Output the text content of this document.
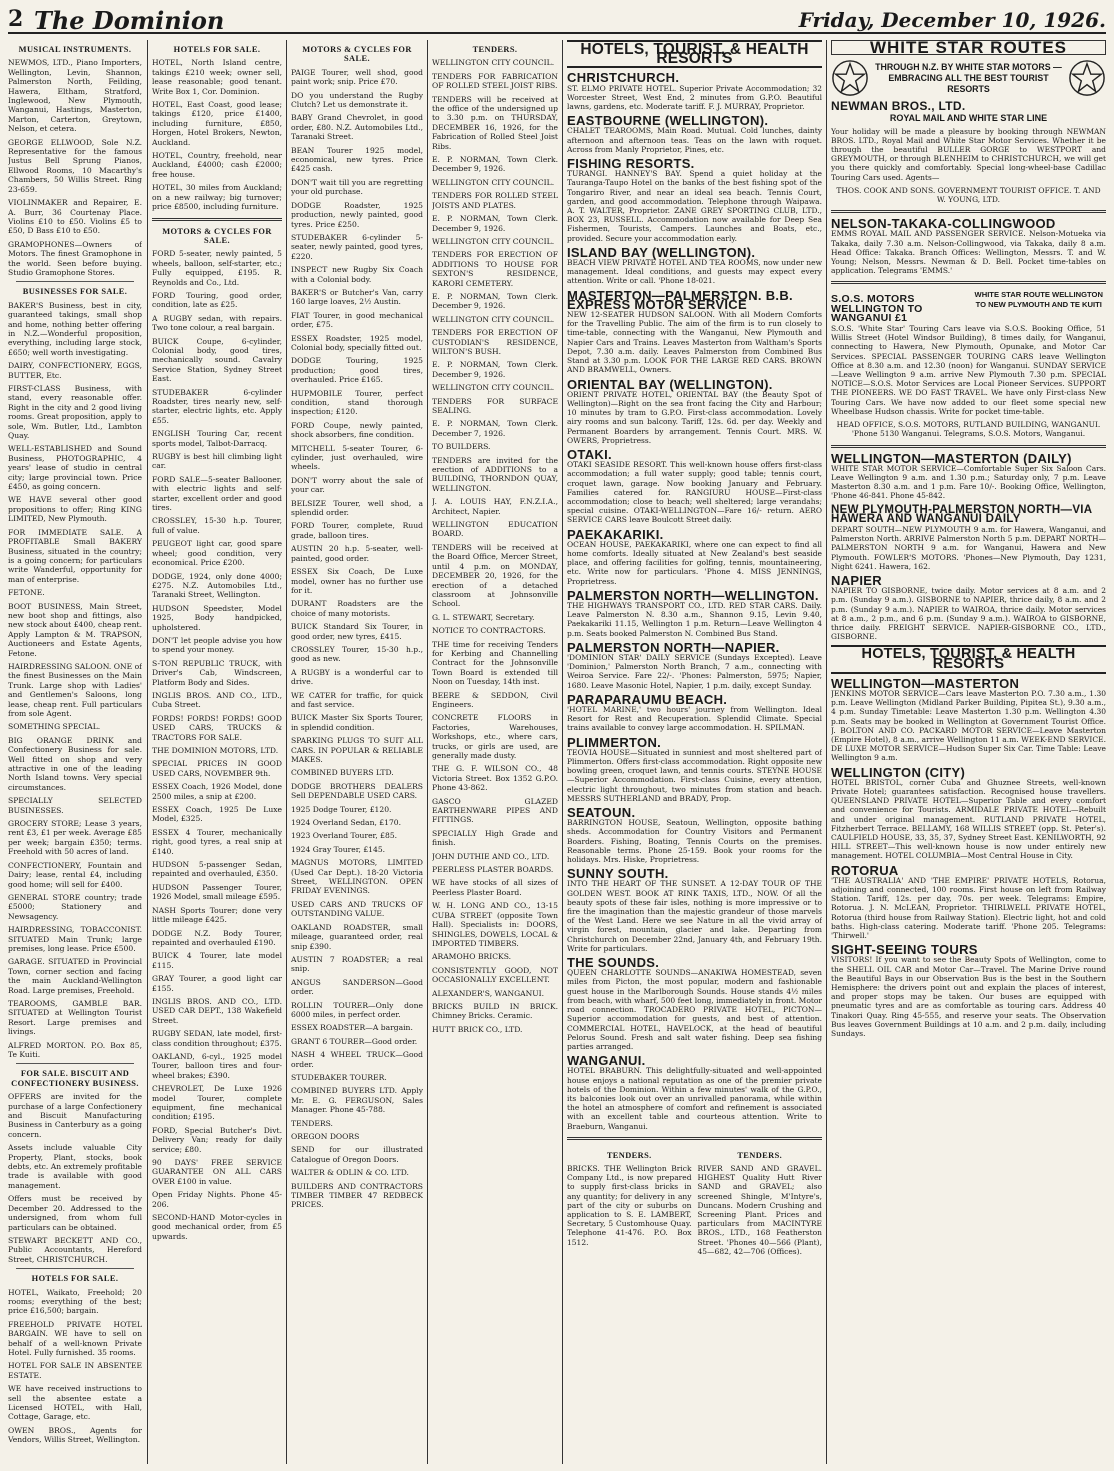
2 The Dominion	Friday, December 10, 1926.
MUSICAL INSTRUMENTS.
NEWMOS, LTD., Piano Importers, Wellington, Levin, Shannon, Palmerston North, Feilding, Hawera, Eltham, Stratford, Inglewood, New Plymouth, Wanganui, Hastings, Masterton, Marton, Carterton, Greytown, Nelson, et cetera.
GEORGE ELLWOOD, Sole N.Z. Representative for the famous Justus Bell Sprung Pianos, Ellwood Rooms, 10 Macarthy's Chambers, 50 Willis Street. Ring 23-659.
VIOLINMAKER and Repairer, E. A. Burr, 36 Courtenay Place. Violins £10 to £50. Violins £5 to £50, D Bass £10 to £50.
GRAMOPHONES—Owners of Motors. The finest Gramophone in the world. Seen before buying. Studio Gramophone Stores.
BUSINESSES FOR SALE.
BAKER'S Business, best in city, guaranteed takings, small shop and home, nothing better offering in N.Z.—Wonderful proposition, everything, including large stock, £650; well worth investigating.
DAIRY, CONFECTIONERY, EGGS, BUTTER, Etc.
FIRST-CLASS Business, with stand, every reasonable offer. Right in the city and 2 good living rooms. Great proposition, apply to sole, Wm. Butler, Ltd., Lambton Quay.
WELL-ESTABLISHED and Sound Business, PHOTOGRAPHIC, 4 years' lease of studio in central city; large provincial town. Price £450, as going concern.
WE HAVE several other good propositions to offer; Ring KING LIMITED, New Plymouth.
FOR IMMEDIATE SALE. A PROFITABLE Small BAKERY Business, situated in the country; is a going concern; for particulars write Wanderful, opportunity for man of enterprise.
FETONE.
BOOT BUSINESS, Main Street, new boot shop and fittings, also new stock about £400, cheap rent. Apply Lampton & M. TRAPSON, Auctioneers and Estate Agents, Fetone.
HAIRDRESSING SALOON. ONE of the finest Businesses on the Main Trunk. Large shop with Ladies' and Gentlemen's Saloons, long lease, cheap rent. Full particulars from sole Agent.
SOMETHING SPECIAL.
BIG ORANGE DRINK and Confectionery Business for sale. Well fitted on shop and very attractive in one of the leading North Island towns. Very special circumstances.
SPECIALLY SELECTED BUSINESSES.
GROCERY STORE; Lease 3 years, rent £3, £1 per week. Average £85 per week; bargain £350; terms. Freehold with 50 acres of land.
CONFECTIONERY, Fountain and Dairy; lease, rental £4, including good home; will sell for £400.
GENERAL STORE country; trade £5000; Stationery and Newsagency.
HAIRDRESSING, TOBACCONIST. SITUATED Main Trunk; large premises, long lease. Price £500.
GARAGE. SITUATED in Provincial Town, corner section and facing the main Auckland-Wellington Road. Large premises, Freehold.
TEAROOMS, GAMBLE BAR. SITUATED at Wellington Tourist Resort. Large premises and livings.
ALFRED MORTON. P.O. Box 85, Te Kuiti.
FOR SALE. BISCUIT AND CONFECTIONERY BUSINESS.
OFFERS are invited for the purchase of a large Confectionery and Biscuit Manufacturing Business in Canterbury as a going concern.
Assets include valuable City Property, Plant, stocks, book debts, etc. An extremely profitable trade is available with good management.
Offers must be received by December 20. Addressed to the undersigned, from whom full particulars can be obtained.
STEWART BECKETT AND CO., Public Accountants, Hereford Street, CHRISTCHURCH.
HOTELS FOR SALE.
HOTEL, Waikato, Freehold; 20 rooms; everything of the best; price £16,500; bargain.
FREEHOLD PRIVATE HOTEL BARGAIN. WE have to sell on behalf of a well-known Private Hotel. Fully furnished. 35 rooms.
HOTEL FOR SALE IN ABSENTEE ESTATE.
WE have received instructions to sell the absentee estate a Licensed HOTEL, with Hall, Cottage, Garage, etc.
OWEN BROS., Agents for Vendors, Willis Street, Wellington.
HOTELS FOR SALE.
HOTEL, North Island centre, takings £210 week; owner sell, lease reasonable; good tenant. Write Box 1, Cor. Dominion.
HOTEL, East Coast, good lease; takings £120, price £1400, including furniture, £850, Horgen, Hotel Brokers, Newton, Auckland.
HOTEL, Country, freehold, near Auckland, £4000; cash £2000; free house.
HOTEL, 30 miles from Auckland; on a new railway; big turnover; price £8500, including furniture.
MOTORS & CYCLES FOR SALE.
FORD 5-seater, newly painted, 5 wheels, balloon, self-starter, etc.; Fully equipped, £195. R. Reynolds and Co., Ltd.
FORD Touring, good order, condition, late as £25.
A RUGBY sedan, with repairs. Two tone colour, a real bargain.
BUICK Coupe, 6-cylinder, Colonial body, good tires, mechanically sound. Cavalry Service Station, Sydney Street East.
STUDEBAKER 6-cylinder Roadster, tires nearly new, self-starter, electric lights, etc. Apply £55.
ENGLISH Touring Car, recent sports model, Talbot-Darracq.
RUGBY is best hill climbing light car.
FORD SALE—5-seater Ballooner, with electric lights and self-starter, excellent order and good tires.
CROSSLEY, 15-30 h.p. Tourer, full of value.
PEUGEOT light car, good spare wheel; good condition, very economical. Price £200.
DODGE, 1924, only done 4000; £275. N.Z. Automobiles Ltd., Taranaki Street, Wellington.
HUDSON Speedster, Model 1925, Body handpicked, upholstered.
DON'T let people advise you how to spend your money.
S-TON REPUBLIC TRUCK, with Driver's Cab, Windscreen, Platform Body and Sides.
INGLIS BROS. AND CO., LTD., Cuba Street.
FORDS! FORDS! FORDS! GOOD USED CARS, TRUCKS & TRACTORS FOR SALE.
THE DOMINION MOTORS, LTD.
SPECIAL PRICES IN GOOD USED CARS, NOVEMBER 9th.
ESSEX Coach, 1926 Model, done 2500 miles, a snip at £200.
ESSEX Coach, 1925 De Luxe Model, £325.
ESSEX 4 Tourer, mechanically right, good tyres, a real snip at £140.
HUDSON 5-passenger Sedan, repainted and overhauled, £350.
HUDSON Passenger Tourer, 1926 Model, small mileage £595.
NASH Sports Tourer; done very little mileage £425.
DODGE N.Z. Body Tourer, repainted and overhauled £190.
BUICK 4 Tourer, late model £115.
GRAY Tourer, a good light car £155.
INGLIS BROS. AND CO., LTD. USED CAR DEPT., 138 Wakefield Street.
RUGBY SEDAN, late model, first-class condition throughout; £375.
OAKLAND, 6-cyl., 1925 model Tourer, balloon tires and four-wheel brakes; £390.
CHEVROLET, De Luxe 1926 model Tourer, complete equipment, fine mechanical condition; £195.
FORD, Special Butcher's Divt. Delivery Van; ready for daily service; £80.
90 DAYS' FREE SERVICE GUARANTEE ON ALL CARS OVER £100 in value.
Open Friday Nights. Phone 45-206.
SECOND-HAND Motor-cycles in good mechanical order, from £5 upwards.
MOTORS & CYCLES FOR SALE.
PAIGE Tourer, well shod, good paint work; snip. Price £70.
DO you understand the Rugby Clutch? Let us demonstrate it.
BABY Grand Chevrolet, in good order, £80. N.Z. Automobiles Ltd., Taranaki Street.
BEAN Tourer 1925 model, economical, new tyres. Price £425 cash.
DON'T wait till you are regretting your old purchase.
DODGE Roadster, 1925 production, newly painted, good tyres. Price £250.
STUDEBAKER 6-cylinder 5-seater, newly painted, good tyres, £220.
INSPECT new Rugby Six Coach with a Colonial body.
BAKER'S or Butcher's Van, carry 160 large loaves, 2½ Austin.
FIAT Tourer, in good mechanical order, £75.
ESSEX Roadster, 1925 model, Colonial body, specially fitted out.
DODGE Touring, 1925 production; good tires, overhauled. Price £165.
HUPMOBILE Tourer, perfect condition, stand thorough inspection; £120.
FORD Coupe, newly painted, shock absorbers, fine condition.
MITCHELL 5-seater Tourer, 6-cylinder, just overhauled, wire wheels.
DON'T worry about the sale of your car.
BELSIZE Tourer, well shod, a splendid order.
FORD Tourer, complete, Ruud grade, balloon tires.
AUSTIN 20 h.p. 5-seater, well-painted, good order.
ESSEX Six Coach, De Luxe model, owner has no further use for it.
DURANT Roadsters are the choice of many motorists.
BUICK Standard Six Tourer, in good order, new tyres, £415.
CROSSLEY Tourer, 15-30 h.p., good as new.
A RUGBY is a wonderful car to drive.
WE CATER for traffic, for quick and fast service.
BUICK Master Six Sports Tourer, in splendid condition.
SPARKING PLUGS TO SUIT ALL CARS. IN POPULAR & RELIABLE MAKES.
COMBINED BUYERS LTD.
DODGE BROTHERS DEALERS Sell DEPENDABLE USED CARS.
1925 Dodge Tourer, £120.
1924 Overland Sedan, £170.
1923 Overland Tourer, £85.
1924 Gray Tourer, £145.
MAGNUS MOTORS, LIMITED (Used Car Dept.). 18-20 Victoria Street, WELLINGTON. OPEN FRIDAY EVENINGS.
USED CARS AND TRUCKS OF OUTSTANDING VALUE.
OAKLAND ROADSTER, small mileage, guaranteed order, real snip £390.
AUSTIN 7 ROADSTER; a real snip.
ANGUS SANDERSON—Good order.
ROLLIN TOURER—Only done 6000 miles, in perfect order.
ESSEX ROADSTER—A bargain.
GRANT 6 TOURER—Good order.
NASH 4 WHEEL TRUCK—Good order.
STUDEBAKER TOURER.
COMBINED BUYERS LTD. Apply Mr. E. G. FERGUSON, Sales Manager. Phone 45-788.
TENDERS.
OREGON DOORS
SEND for our illustrated Catalogue of Oregon Doors.
WALTER & ODLIN & CO. LTD.
BUILDERS AND CONTRACTORS TIMBER TIMBER 47 REDBECK PRICES.
TENDERS.
WELLINGTON CITY COUNCIL.
TENDERS FOR FABRICATION OF ROLLED STEEL JOIST RIBS.
TENDERS will be received at the office of the undersigned up to 3.30 p.m. on THURSDAY, DECEMBER 16, 1926, for the Fabrication of Rolled Steel Joist Ribs.
E. P. NORMAN, Town Clerk. December 9, 1926.
WELLINGTON CITY COUNCIL.
TENDERS FOR ROLLED STEEL JOISTS AND PLATES.
E. P. NORMAN, Town Clerk. December 9, 1926.
WELLINGTON CITY COUNCIL.
TENDERS FOR ERECTION OF ADDITIONS TO HOUSE FOR SEXTON'S RESIDENCE, KARORI CEMETERY.
E. P. NORMAN, Town Clerk. December 9, 1926.
WELLINGTON CITY COUNCIL.
TENDERS FOR ERECTION OF CUSTODIAN'S RESIDENCE, WILTON'S BUSH.
E. P. NORMAN, Town Clerk. December 9, 1926.
WELLINGTON CITY COUNCIL.
TENDERS FOR SURFACE SEALING.
E. P. NORMAN, Town Clerk. December 7, 1926.
TO BUILDERS.
TENDERS are invited for the erection of ADDITIONS to a BUILDING, THORNDON QUAY, WELLINGTON.
J. A. LOUIS HAY, F.N.Z.I.A., Architect, Napier.
WELLINGTON EDUCATION BOARD.
TENDERS will be received at the Board Office, Mercer Street, until 4 p.m. on MONDAY, DECEMBER 20, 1926, for the erection of a detached classroom at Johnsonville School.
G. L. STEWART, Secretary.
NOTICE TO CONTRACTORS.
THE time for receiving Tenders for Kerbing and Channelling Contract for the Johnsonville Town Board is extended till Noon on Tuesday, 14th inst.
BEERE & SEDDON, Civil Engineers.
CONCRETE FLOORS in Factories, Warehouses, Workshops, etc., where cars, trucks, or girls are used, are generally made dusty.
THE G. F. WILSON CO., 48 Victoria Street. Box 1352 G.P.O. Phone 43-862.
GASCO GLAZED EARTHENWARE PIPES AND FITTINGS.
SPECIALLY High Grade and finish.
JOHN DUTHIE AND CO., LTD.
PEERLESS PLASTER BOARDS.
WE have stocks of all sizes of Peerless Plaster Board.
W. H. LONG AND CO., 13-15 CUBA STREET (opposite Town Hall). Specialists in: DOORS, SHINGLES, DOWELS, LOCAL & IMPORTED TIMBERS.
ARAMOHO BRICKS.
CONSISTENTLY GOOD, NOT OCCASIONALLY EXCELLENT.
ALEXANDER'S, WANGANUI.
BRICKS BUILD IN BRICK. Chimney Bricks. Ceramic.
HUTT BRICK CO., LTD.
HOTELS, TOURIST, & HEALTH RESORTS
CHRISTCHURCH.
ST. ELMO PRIVATE HOTEL. Superior Private Accommodation; 32 Worcester Street, West End, 2 minutes from G.P.O. Beautiful lawns, gardens, etc. Moderate tariff. F. J. MURRAY, Proprietor.
EASTBOURNE (WELLINGTON).
CHALET TEAROOMS, Main Road. Mutual. Cold lunches, dainty afternoon and afternoon teas. Teas on the lawn with roquet. Across from Manly Proprietor, Pines, etc.
FISHING RESORTS.
TURANGI. HANNEY'S BAY. Spend a quiet holiday at the Tauranga-Taupo Hotel on the banks of the best fishing spot of the Tongariro River, and near an ideal sea beach. Tennis Court, garden, and good accommodation. Telephone through Waipawa. A. T. WALTER, Proprietor. ZANE GREY SPORTING CLUB, LTD., BOX 23, RUSSELL. Accommodation now available for Deep Sea Fishermen, Tourists, Campers. Launches and Boats, etc., provided. Secure your accommodation early.
ISLAND BAY (WELLINGTON).
BEACH VIEW PRIVATE HOTEL AND TEA ROOMS, now under new management. Ideal conditions, and guests may expect every attention. Write or call. 'Phone 18-021.
MASTERTON—PALMERSTON. B.B. EXPRESS MOTOR SERVICE
NEW 12-SEATER HUDSON SALOON. With all Modern Comforts for the Travelling Public. The aim of the firm is to run closely to time-table, connecting with the Wanganui, New Plymouth and Napier Cars and Trains. Leaves Masterton from Waltham's Sports Depot, 7.30 a.m. daily. Leaves Palmerston from Combined Bus Stand at 3.30 p.m. LOOK FOR THE LARGE RED CARS. BROWN AND BRAMWELL, Owners.
ORIENTAL BAY (WELLINGTON).
ORIENT PRIVATE HOTEL, ORIENTAL BAY (the Beauty Spot of Wellington)—Right on the sea front facing the City and Harbour; 10 minutes by tram to G.P.O. First-class accommodation. Lovely airy rooms and sun balcony. Tariff, 12s. 6d. per day. Weekly and Permanent Boarders by arrangement. Tennis Court. MRS. W. OWERS, Proprietress.
OTAKI.
OTAKI SEASIDE RESORT. This well-known house offers first-class accommodation; a full water supply; good table; tennis court, croquet lawn, garage. Now booking January and February. Families catered for. RANGIURU HOUSE—First-class accommodation; close to beach; well sheltered; large verandahs; special cuisine. OTAKI-WELLINGTON—Fare 16/- return. AERO SERVICE CARS leave Boulcott Street daily.
PAEKAKARIKI.
OCEAN HOUSE, PAEKAKARIKI, where one can expect to find all home comforts. Ideally situated at New Zealand's best seaside place, and offering facilities for golfing, tennis, mountaineering, etc. Write now for particulars. 'Phone 4. MISS JENNINGS, Proprietress.
PALMERSTON NORTH—WELLINGTON.
THE HIGHWAYS TRANSPORT CO., LTD. RED STAR CARS. Daily. Leave Palmerston N. 8.30 a.m., Shannon 9.15, Levin 9.40, Paekakariki 11.15, Wellington 1 p.m. Return—Leave Wellington 4 p.m. Seats booked Palmerston N. Combined Bus Stand.
PALMERSTON NORTH—NAPIER.
'DOMINION STAR' DAILY SERVICE (Sundays Excepted). Leave 'Dominion,' Palmerston North Branch, 7 a.m., connecting with Weiroa Service. Fare 22/-. 'Phones: Palmerston, 5975; Napier, 1680. Leave Masonic Hotel, Napier, 1 p.m. daily, except Sunday.
PARAPARAUMU BEACH.
'HOTEL MARINE,' two hours' journey from Wellington. Ideal Resort for Rest and Recuperation. Splendid Climate. Special trains available to convey large accommodation. H. SPILMAN.
PLIMMERTON.
TEOVIA HOUSE—Situated in sunniest and most sheltered part of Plimmerton. Offers first-class accommodation. Right opposite new bowling green, croquet lawn, and tennis courts. STEYNE HOUSE—Superior Accommodation. First-class Cuisine, every attention, electric light throughout, two minutes from station and beach. MESSRS SUTHERLAND and BRADY, Prop.
SEATOUN.
BARRINGTON HOUSE, Seatoun, Wellington, opposite bathing sheds. Accommodation for Country Visitors and Permanent Boarders. Fishing, Boating, Tennis Courts on the premises. Reasonable terms. Phone 25-159. Book your rooms for the holidays. Mrs. Hiske, Proprietress.
SUNNY SOUTH.
INTO THE HEART OF THE SUNSET. A 12-DAY TOUR OF THE GOLDEN WEST. BOOK AT RINK TAXIS, LTD., NOW. Of all the beauty spots of these fair isles, nothing is more impressive or to fire the imagination than the majestic grandeur of those marvels of the West Land. Here we see Nature in all the vivid array of virgin forest, mountain, glacier and lake. Departing from Christchurch on December 22nd, January 4th, and February 19th. Write for particulars.
THE SOUNDS.
QUEEN CHARLOTTE SOUNDS—ANAKIWA HOMESTEAD, seven miles from Picton, the most popular, modern and fashionable guest house in the Marlborough Sounds. House stands 4½ miles from beach, with wharf, 500 feet long, immediately in front. Motor road connection. TROCADERO PRIVATE HOTEL, PICTON—Superior accommodation for guests, and best of attention. COMMERCIAL HOTEL, HAVELOCK, at the head of beautiful Pelorus Sound. Fresh and salt water fishing. Deep sea fishing parties arranged.
WANGANUI.
HOTEL BRABURN. This delightfully-situated and well-appointed house enjoys a national reputation as one of the premier private hotels of the Dominion. Within a few minutes' walk of the G.P.O., its balconies look out over an unrivalled panorama, while within the hotel an atmosphere of comfort and refinement is associated with an excellent table and courteous attention. Write to Braeburn, Wanganui.
TENDERS.
BRICKS. THE Wellington Brick Company Ltd., is now prepared to supply first-class bricks in any quantity; for delivery in any part of the city or suburbs on application to S. E. LAMBERT, Secretary, 5 Customhouse Quay. Telephone 41-476. P.O. Box 1512.
TENDERS.
RIVER SAND AND GRAVEL. HIGHEST Quality Hutt River SAND and GRAVEL; also screened Shingle, M'Intyre's, Duncans. Modern Crushing and Screening Plant. Prices and particulars from MACINTYRE BROS., LTD., 168 Featherston Street. 'Phones 40—566 (Plant), 45—682, 42—706 (Offices).
WHITE STAR ROUTES
THROUGH N.Z. BY WHITE STAR MOTORS — EMBRACING ALL THE BEST TOURIST RESORTS
NEWMAN BROS., LTD.
ROYAL MAIL AND WHITE STAR LINE
Your holiday will be made a pleasure by booking through NEWMAN BROS. LTD., Royal Mail and White Star Motor Services. Whether it be through the beautiful BULLER GORGE to WESTPORT and GREYMOUTH, or through BLENHEIM to CHRISTCHURCH, we will get you there quickly and comfortably. Special long-wheel-base Cadillac Touring Cars used. Agents—
THOS. COOK AND SONS. GOVERNMENT TOURIST OFFICE. T. AND W. YOUNG, LTD.
NELSON-TAKAKA-COLLINGWOOD
EMMS ROYAL MAIL AND PASSENGER SERVICE. Nelson-Motueka via Takaka, daily 7.30 a.m. Nelson-Collingwood, via Takaka, daily 8 a.m. Head Office: Takaka. Branch Offices: Wellington, Messrs. T. and W. Young; Nelson, Messrs. Newman & D. Bell. Pocket time-tables on application. Telegrams 'EMMS.'
S.O.S. MOTORS WELLINGTON TO WANGANUI £1
WHITE STAR ROUTE WELLINGTON TO NEW PLYMOUTH AND TE KUITI
S.O.S. 'White Star' Touring Cars leave via S.O.S. Booking Office, 51 Willis Street (Hotel Windsor Building), 8 times daily, for Wanganui, connecting to Hawera, New Plymouth, Opunake, and Motor Car Services. SPECIAL PASSENGER TOURING CARS leave Wellington Office at 8.30 a.m. and 12.30 (noon) for Wanganui. SUNDAY SERVICE—Leave Wellington 9 a.m. arrive New Plymouth 7.30 p.m. SPECIAL NOTICE—S.O.S. Motor Services are Local Pioneer Services. SUPPORT THE PIONEERS. WE DO FAST TRAVEL. We have only First-class New Touring Cars. We have now added to our fleet some special new Wheelbase Hudson chassis. Write for pocket time-table.
HEAD OFFICE, S.O.S. MOTORS, RUTLAND BUILDING, WANGANUI. 'Phone 5130 Wanganui. Telegrams, S.O.S. Motors, Wanganui.
WELLINGTON—MASTERTON (DAILY)
WHITE STAR MOTOR SERVICE—Comfortable Super Six Saloon Cars. Leave Wellington 9 a.m. and 1.30 p.m.; Saturday only, 7 p.m. Leave Masterton 8.30 a.m. and 1 p.m. Fare 10/-. Booking Office, Wellington, 'Phone 46-841. Phone 45-842.
NEW PLYMOUTH-PALMERSTON NORTH—VIA HAWERA AND WANGANUI DAILY
DEPART SOUTH—NEW PLYMOUTH 9 a.m. for Hawera, Wanganui, and Palmerston North. ARRIVE Palmerston North 5 p.m. DEPART NORTH—PALMERSTON NORTH 9 a.m. for Wanganui, Hawera and New Plymouth. FOWLER'S MOTORS. 'Phones—New Plymouth, Day 1231, Night 6241. Hawera, 162.
NAPIER
NAPIER TO GISBORNE, twice daily. Motor services at 8 a.m. and 2 p.m. (Sunday 9 a.m.). GISBORNE to NAPIER, thrice daily, 8 a.m. and 2 p.m. (Sunday 9 a.m.). NAPIER to WAIROA, thrice daily. Motor services at 8 a.m., 2 p.m., and 6 p.m. (Sunday 9 a.m.). WAIROA to GISBORNE, thrice daily. FREIGHT SERVICE. NAPIER-GISBORNE CO., LTD., GISBORNE.
HOTELS, TOURIST, & HEALTH RESORTS
WELLINGTON—MASTERTON
JENKINS MOTOR SERVICE—Cars leave Masterton P.O. 7.30 a.m., 1.30 p.m. Leave Wellington (Midland Parker Building, Pipitea St.), 9.30 a.m., 4 p.m. Sunday Timetable: Leave Masterton 1.30 p.m. Wellington 4.30 p.m. Seats may be booked in Wellington at Government Tourist Office. J. BOLTON AND CO. PACKARD MOTOR SERVICE—Leave Masterton (Empire Hotel), 8 a.m., arrive Wellington 11 a.m. WEEK-END SERVICE. DE LUXE MOTOR SERVICE—Hudson Super Six Car. Time Table: Leave Wellington 9 a.m.
WELLINGTON (CITY)
HOTEL BRISTOL, corner Cuba and Ghuznee Streets, well-known Private Hotel; guarantees satisfaction. Recognised house travellers. QUEENSLAND PRIVATE HOTEL—Superior Table and every comfort and convenience for Tourists. ARMIDALE PRIVATE HOTEL—Rebuilt and under original management. RUTLAND PRIVATE HOTEL, Fitzherbert Terrace. BELLAMY, 168 WILLIS STREET (opp. St. Peter's). CAULFIELD HOUSE, 33, 35, 37, Sydney Street East. KENILWORTH, 92 HILL STREET—This well-known house is now under entirely new management. HOTEL COLUMBIA—Most Central House in City.
ROTORUA
'THE AUSTRALIA' AND 'THE EMPIRE' PRIVATE HOTELS, Rotorua, adjoining and connected, 100 rooms. First house on left from Railway Station. Tariff, 12s. per day, 70s. per week. Telegrams: Empire, Rotorua. J. N. McLEAN, Proprietor. THIRLWELL PRIVATE HOTEL, Rotorua (third house from Railway Station). Electric light, hot and cold baths. High-class catering. Moderate tariff. 'Phone 205. Telegrams: 'Thirwell.'
SIGHT-SEEING TOURS
VISITORS! If you want to see the Beauty Spots of Wellington, come to the SHELL OIL CAR and Motor Car—Travel. The Marine Drive round the Beautiful Bays in our Observation Bus is the best in the Southern Hemisphere: the drivers point out and explain the places of interest, and proper stops may be taken. Our buses are equipped with pneumatic tyres and are as comfortable as touring cars. Address 40 Tinakori Quay. Ring 45-555, and reserve your seats. The Observation Bus leaves Government Buildings at 10 a.m. and 2 p.m. daily, including Sundays.
